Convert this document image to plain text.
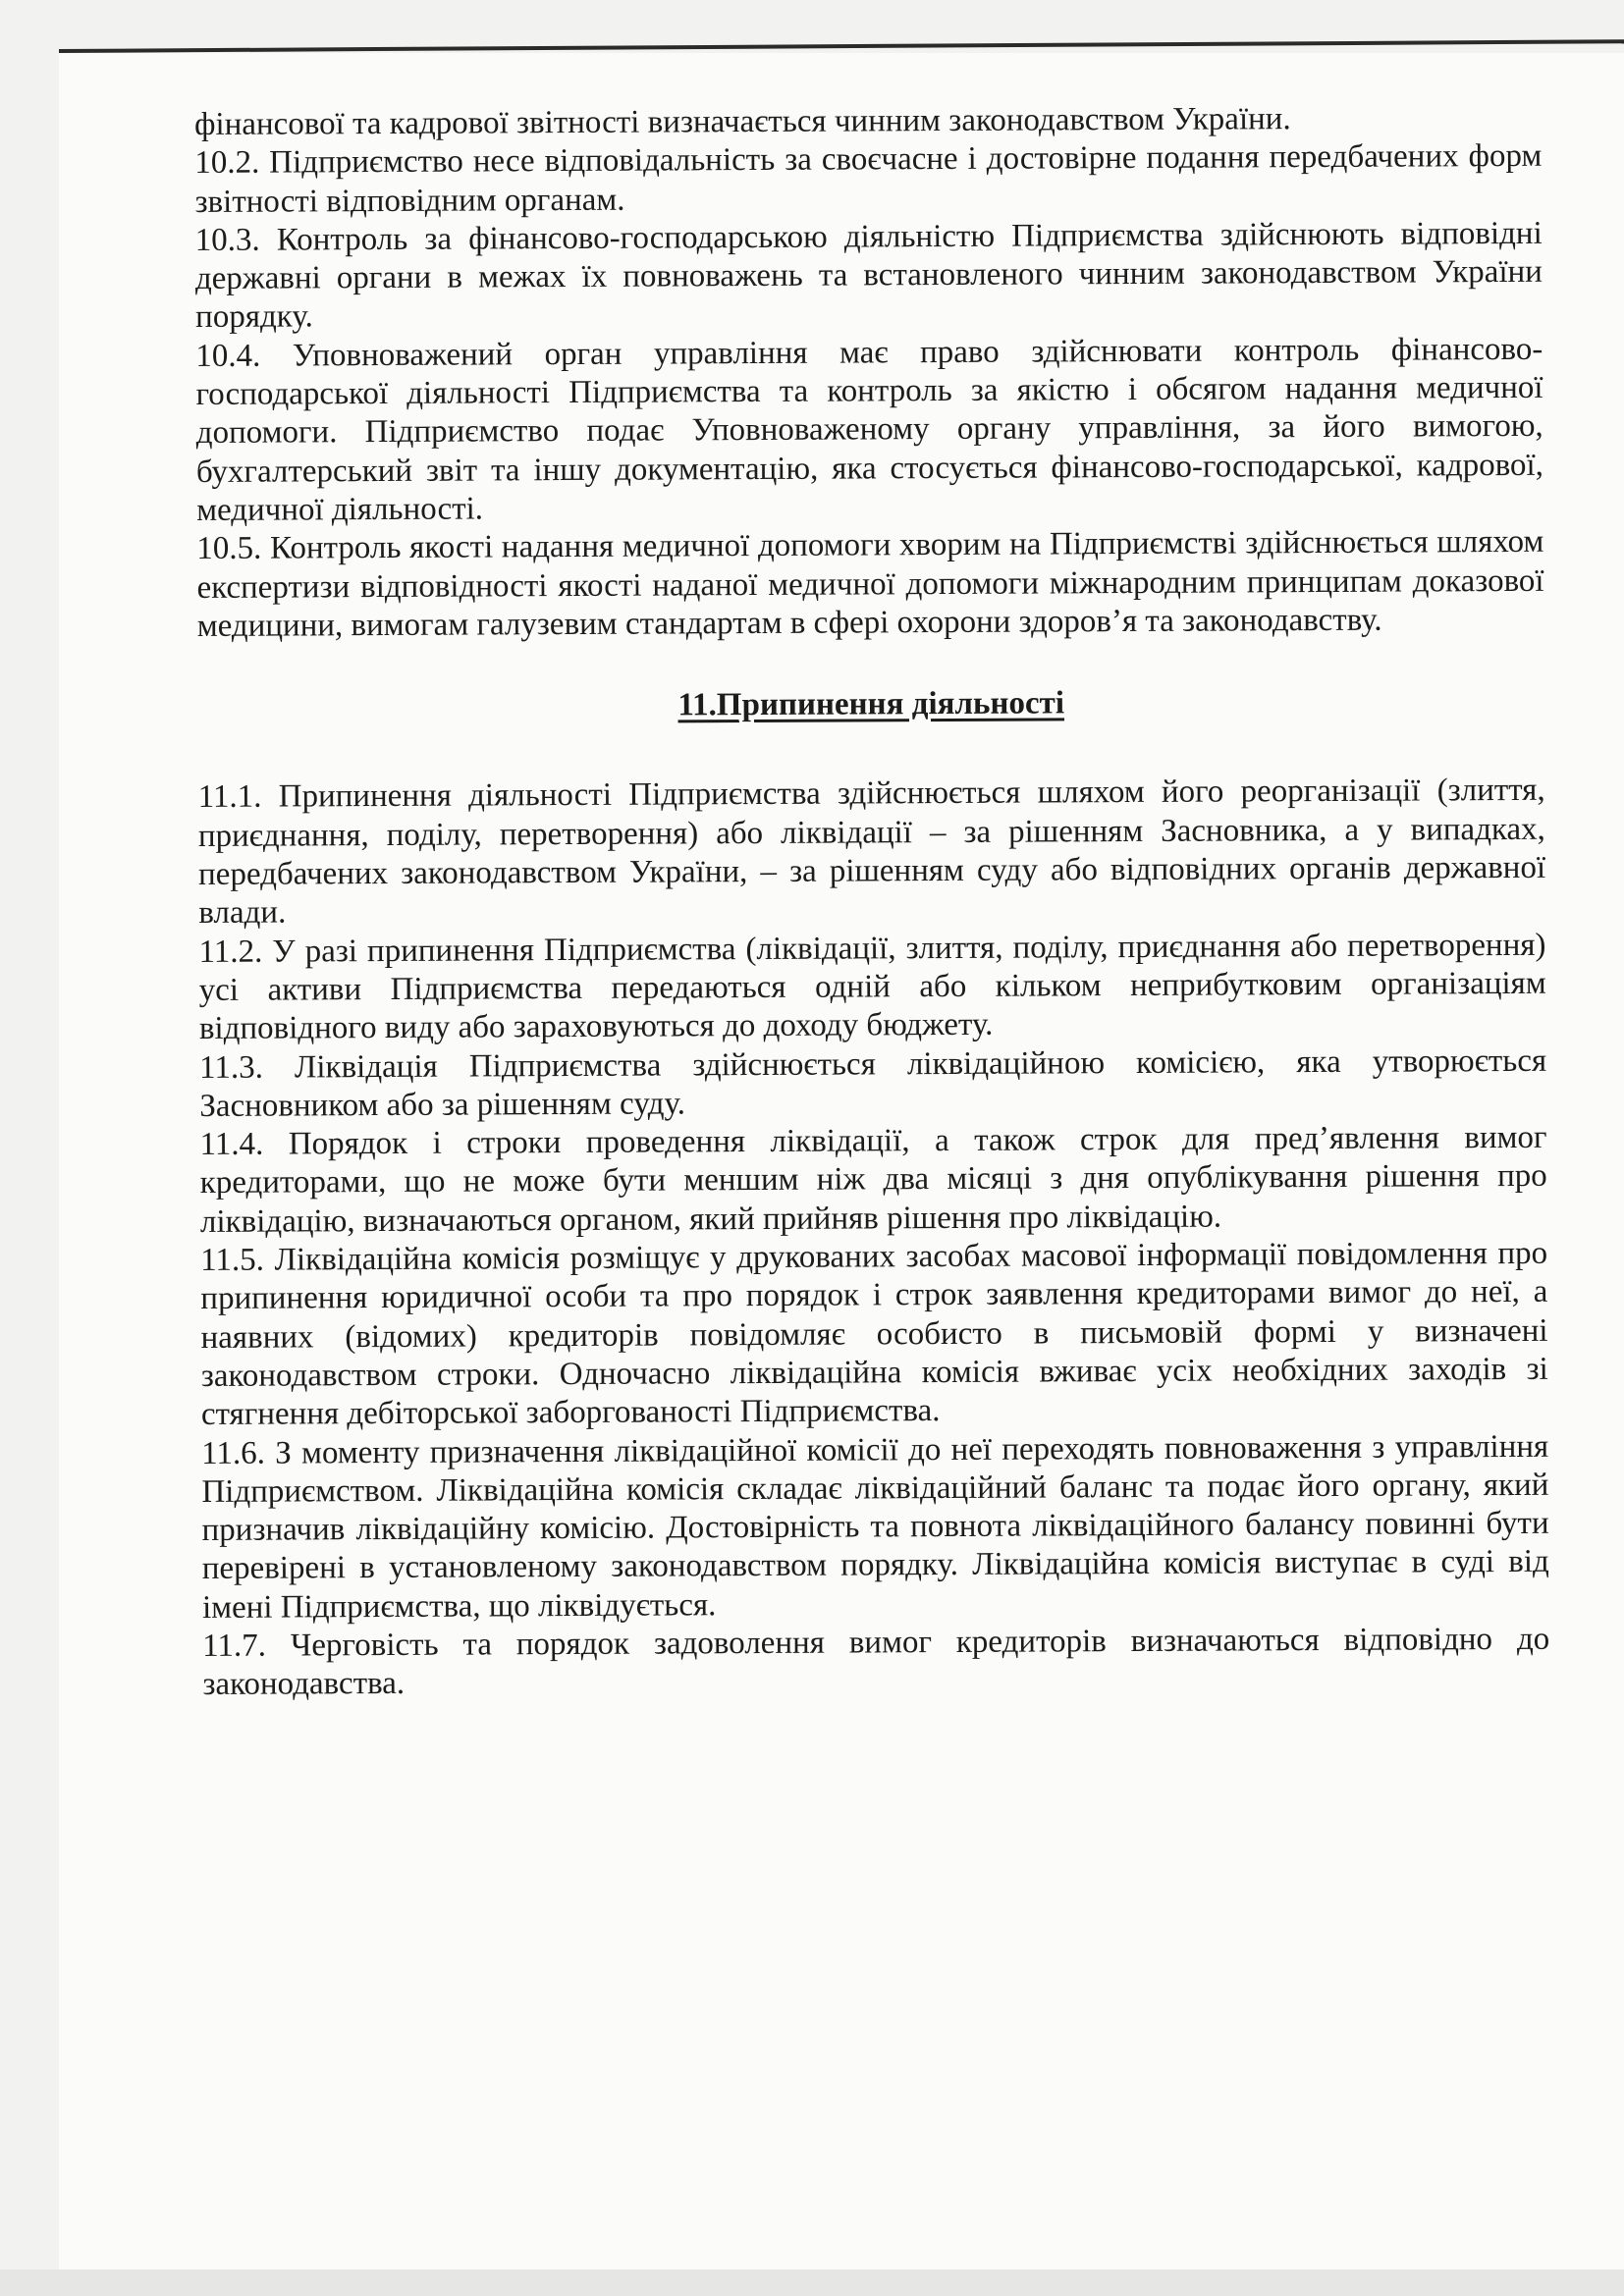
фінансової та кадрової звітності визначається чинним законодавством України.

10.2. Підприємство несе відповідальність за своєчасне і достовірне подання передбачених форм звітності відповідним органам.

10.3. Контроль за фінансово-господарською діяльністю Підприємства здійснюють відповідні державні органи в межах їх повноважень та встановленого чинним законодавством України порядку.

10.4. Уповноважений орган управління має право здійснювати контроль фінансово-господарської діяльності Підприємства та контроль за якістю і обсягом надання медичної допомоги. Підприємство подає Уповноваженому органу управління, за його вимогою, бухгалтерський звіт та іншу документацію, яка стосується фінансово-господарської, кадрової, медичної діяльності.

10.5. Контроль якості надання медичної допомоги хворим на Підприємстві здійснюється шляхом експертизи відповідності якості наданої медичної допомоги міжнародним принципам доказової медицини, вимогам галузевим стандартам в сфері охорони здоров’я та законодавству.

11.Припинення діяльності

11.1. Припинення діяльності Підприємства здійснюється шляхом його реорганізації (злиття, приєднання, поділу, перетворення) або ліквідації – за рішенням Засновника, а у випадках, передбачених законодавством України, – за рішенням суду або відповідних органів державної влади.

11.2. У разі припинення Підприємства (ліквідації, злиття, поділу, приєднання або перетворення) усі активи Підприємства передаються одній або кільком неприбутковим організаціям відповідного виду або зараховуються до доходу бюджету.

11.3. Ліквідація Підприємства здійснюється ліквідаційною комісією, яка утворюється Засновником або за рішенням суду.

11.4. Порядок і строки проведення ліквідації, а також строк для пред’явлення вимог кредиторами, що не може бути меншим ніж два місяці з дня опублікування рішення про ліквідацію, визначаються органом, який прийняв рішення про ліквідацію.

11.5. Ліквідаційна комісія розміщує у друкованих засобах масової інформації повідомлення про припинення юридичної особи та про порядок і строк заявлення кредиторами вимог до неї, а наявних (відомих) кредиторів повідомляє особисто в письмовій формі у визначені законодавством строки. Одночасно ліквідаційна комісія вживає усіх необхідних заходів зі стягнення дебіторської заборгованості Підприємства.

11.6. З моменту призначення ліквідаційної комісії до неї переходять повноваження з управління Підприємством. Ліквідаційна комісія складає ліквідаційний баланс та подає його органу, який призначив ліквідаційну комісію. Достовірність та повнота ліквідаційного балансу повинні бути перевірені в установленому законодавством порядку. Ліквідаційна комісія виступає в суді від імені Підприємства, що ліквідується.

11.7. Черговість та порядок задоволення вимог кредиторів визначаються відповідно до законодавства.
